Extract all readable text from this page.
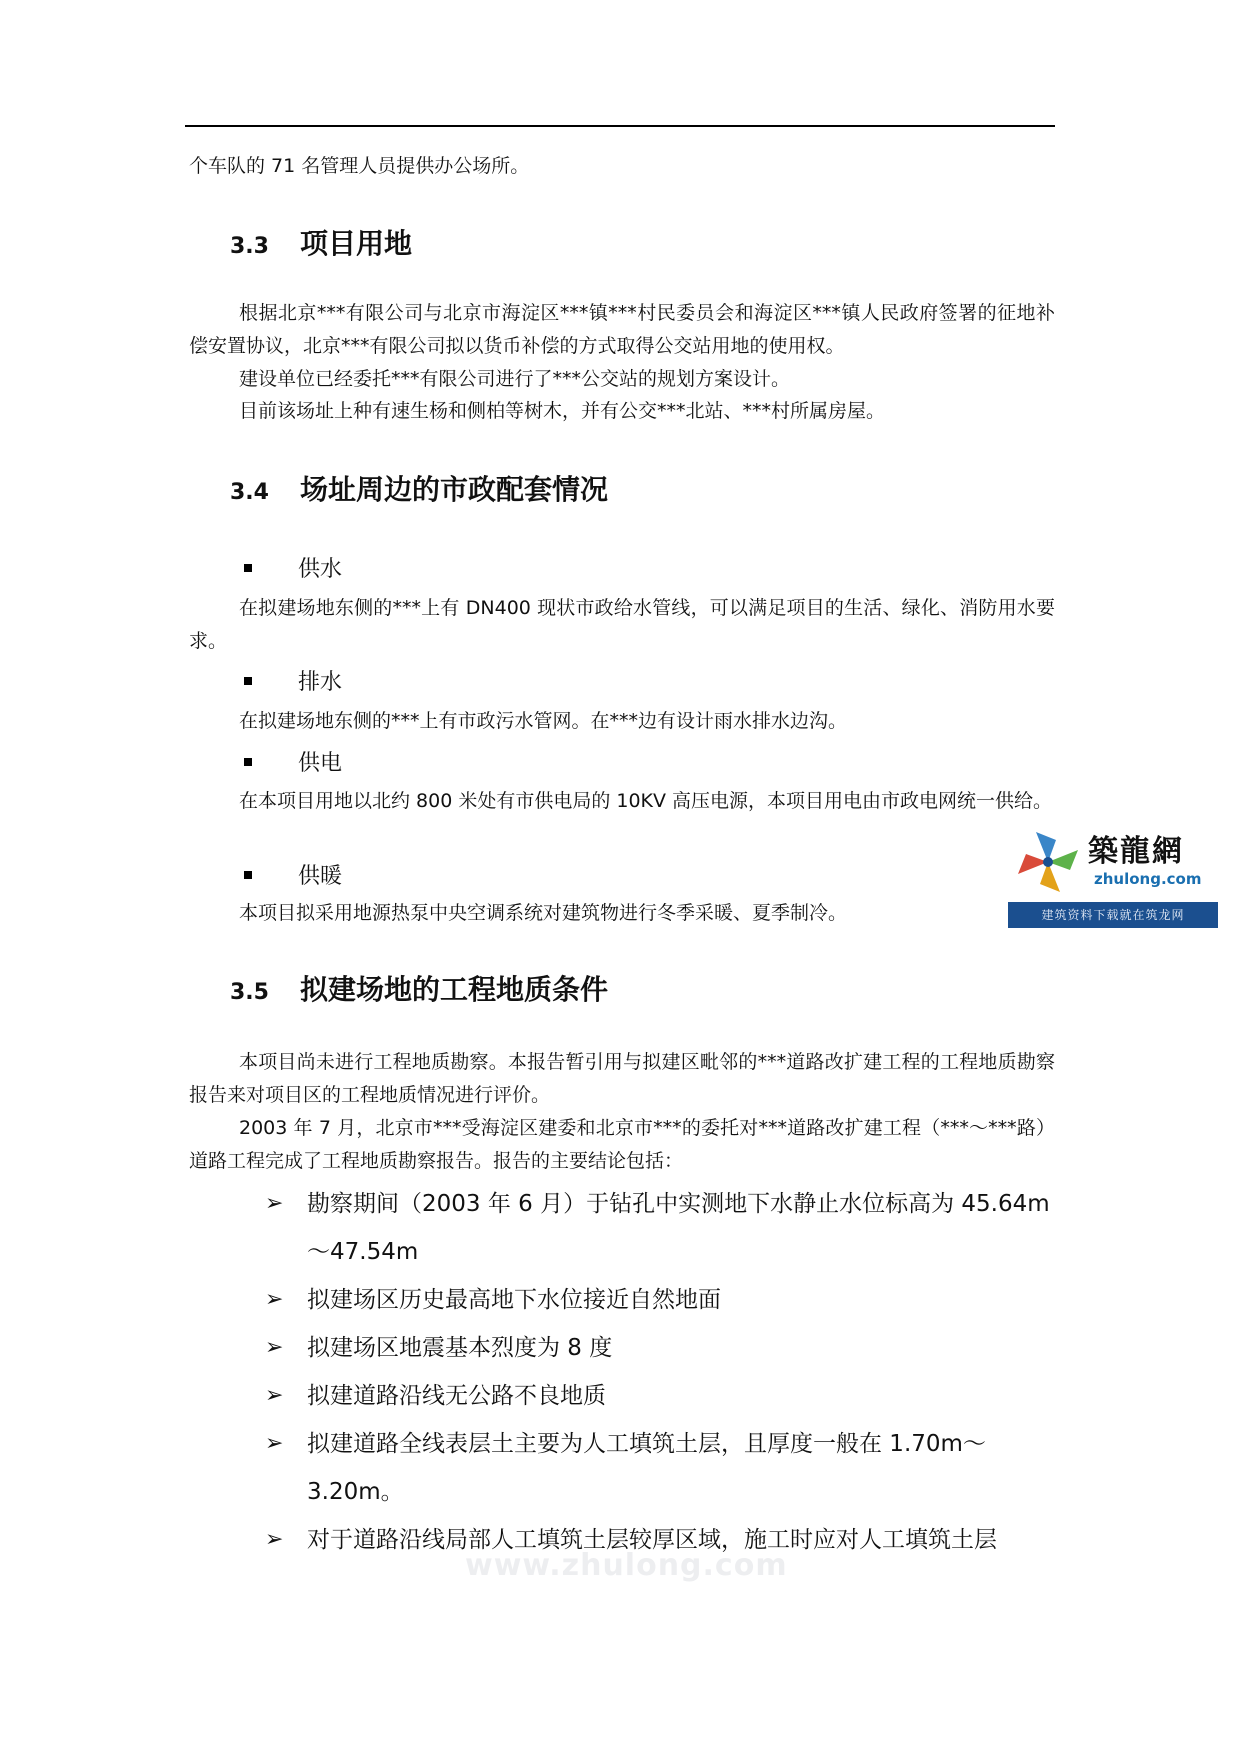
个车队的 71 名管理人员提供办公场所。

3.3	项目用地

根据北京***有限公司与北京市海淀区***镇***村民委员会和海淀区***镇人民政府签署的征地补偿安置协议，北京***有限公司拟以货币补偿的方式取得公交站用地的使用权。

建设单位已经委托***有限公司进行了***公交站的规划方案设计。

目前该场址上种有速生杨和侧柏等树木，并有公交***北站、***村所属房屋。

3.4	场址周边的市政配套情况
供水

在拟建场地东侧的***上有 DN400 现状市政给水管线，可以满足项目的生活、绿化、消防用水要求。

排水

在拟建场地东侧的***上有市政污水管网。在***边有设计雨水排水边沟。

供电

在本项目用地以北约 800 米处有市供电局的 10KV 高压电源，本项目用电由市政电网统一供给。

供暖

本项目拟采用地源热泵中央空调系统对建筑物进行冬季采暖、夏季制冷。

3.5	拟建场地的工程地质条件

本项目尚未进行工程地质勘察。本报告暂引用与拟建区毗邻的***道路改扩建工程的工程地质勘察报告来对项目区的工程地质情况进行评价。

2003 年 7 月，北京市***受海淀区建委和北京市***的委托对***道路改扩建工程（***～***路）道路工程完成了工程地质勘察报告。报告的主要结论包括：

➢	勘察期间（2003 年 6 月）于钻孔中实测地下水静止水位标高为 45.64m～47.54m
➢	拟建场区历史最高地下水位接近自然地面
➢	拟建场区地震基本烈度为 8 度
➢	拟建道路沿线无公路不良地质
➢	拟建道路全线表层土主要为人工填筑土层，且厚度一般在 1.70m～3.20m。
➢	对于道路沿线局部人工填筑土层较厚区域，施工时应对人工填筑土层
築龍網
zhulong.com
建筑资料下载就在筑龙网
www.zhulong.com
